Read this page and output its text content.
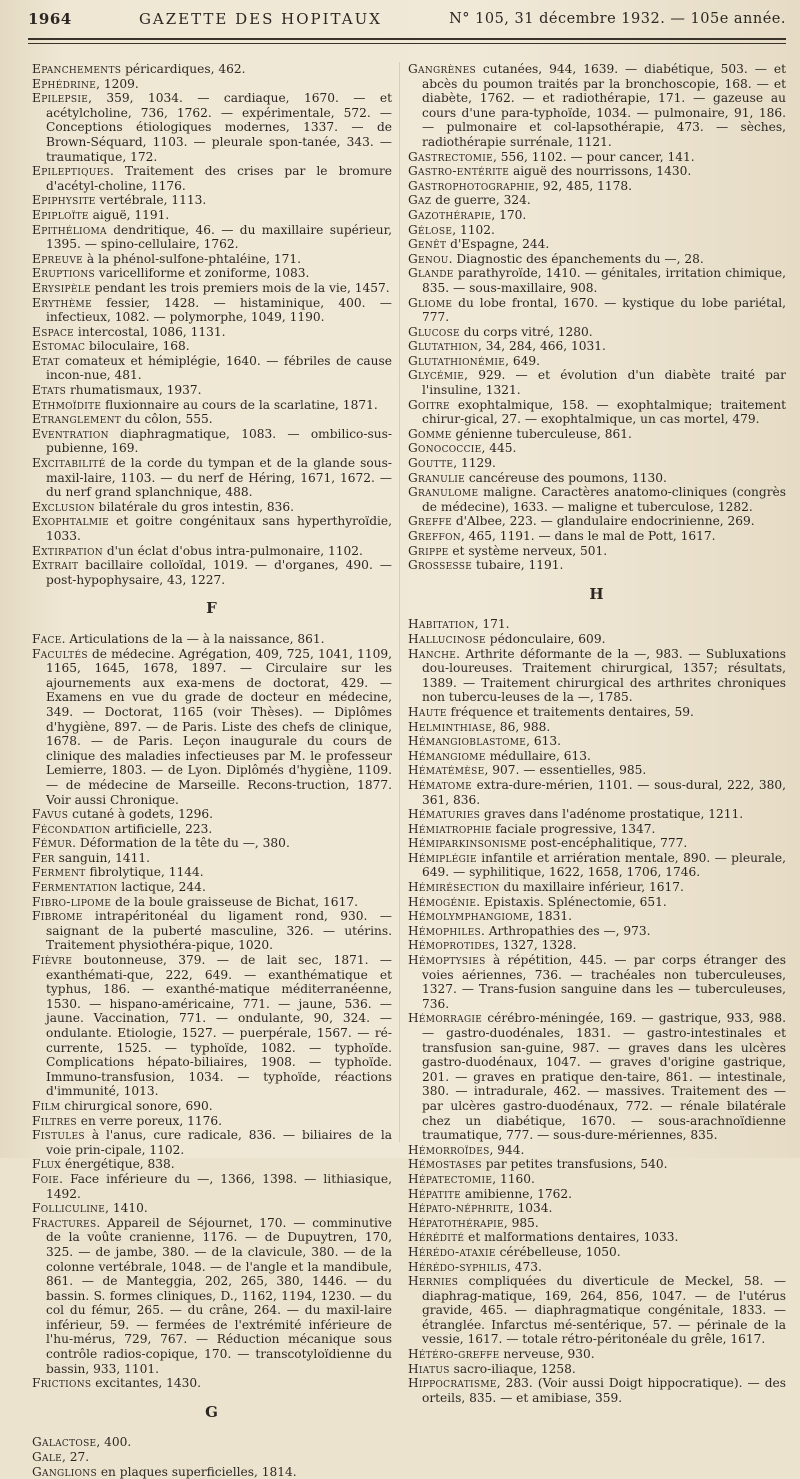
1964	GAZETTE DES HOPITAUX	N° 105, 31 décembre 1932. — 105e année.

Epanchements péricardiques, 462.

Ephédrine, 1209.

Epilepsie, 359, 1034. — cardiaque, 1670. — et acétylcholine, 736, 1762. — expérimentale, 572. — Conceptions étiologiques modernes, 1337. — de Brown-Séquard, 1103. — pleurale spon-tanée, 343. — traumatique, 172.

Epileptiques. Traitement des crises par le bromure d'acétyl-choline, 1176.

Epiphysite vertébrale, 1113.

Epiploïte aiguë, 1191.

Epithélioma dendritique, 46. — du maxillaire supérieur, 1395. — spino-cellulaire, 1762.

Epreuve à la phénol-sulfone-phtaléine, 171.

Eruptions varicelliforme et zoniforme, 1083.

Erysipèle pendant les trois premiers mois de la vie, 1457.

Erythème fessier, 1428. — histaminique, 400. — infectieux, 1082. — polymorphe, 1049, 1190.

Espace intercostal, 1086, 1131.

Estomac biloculaire, 168.

Etat comateux et hémiplégie, 1640. — fébriles de cause incon-nue, 481.

Etats rhumatismaux, 1937.

Ethmoïdite fluxionnaire au cours de la scarlatine, 1871.

Etranglement du côlon, 555.

Eventration diaphragmatique, 1083. — ombilico-sus-pubienne, 169.

Excitabilité de la corde du tympan et de la glande sous-maxil-laire, 1103. — du nerf de Héring, 1671, 1672. — du nerf grand splanchnique, 488.

Exclusion bilatérale du gros intestin, 836.

Exophtalmie et goitre congénitaux sans hyperthyroïdie, 1033.

Extirpation d'un éclat d'obus intra-pulmonaire, 1102.

Extrait bacillaire colloïdal, 1019. — d'organes, 490. — post-hypophysaire, 43, 1227.

F

Face. Articulations de la — à la naissance, 861.

Facultés de médecine. Agrégation, 409, 725, 1041, 1109, 1165, 1645, 1678, 1897. — Circulaire sur les ajournements aux exa-mens de doctorat, 429. — Examens en vue du grade de docteur en médecine, 349. — Doctorat, 1165 (voir Thèses). — Diplômes d'hygiène, 897. — de Paris. Liste des chefs de clinique, 1678. — de Paris. Leçon inaugurale du cours de clinique des maladies infectieuses par M. le professeur Lemierre, 1803. — de Lyon. Diplômés d'hygiène, 1109. — de médecine de Marseille. Recons-truction, 1877. Voir aussi Chronique.

Favus cutané à godets, 1296.

Fécondation artificielle, 223.

Fémur. Déformation de la tête du —, 380.

Fer sanguin, 1411.

Ferment fibrolytique, 1144.

Fermentation lactique, 244.

Fibro-lipome de la boule graisseuse de Bichat, 1617.

Fibrome intrapéritonéal du ligament rond, 930. — saignant de la puberté masculine, 326. — utérins. Traitement physiothéra-pique, 1020.

Fièvre boutonneuse, 379. — de lait sec, 1871. — exanthémati-que, 222, 649. — exanthématique et typhus, 186. — exanthé-matique méditerranéenne, 1530. — hispano-américaine, 771. — jaune, 536. — jaune. Vaccination, 771. — ondulante, 90, 324. — ondulante. Etiologie, 1527. — puerpérale, 1567. — ré-currente, 1525. — typhoïde, 1082. — typhoïde. Complications hépato-biliaires, 1908. — typhoïde. Immuno-transfusion, 1034. — typhoïde, réactions d'immunité, 1013.

Film chirurgical sonore, 690.

Filtres en verre poreux, 1176.

Fistules à l'anus, cure radicale, 836. — biliaires de la voie prin-cipale, 1102.

Flux énergétique, 838.

Foie. Face inférieure du —, 1366, 1398. — lithiasique, 1492.

Folliculine, 1410.

Fractures. Appareil de Séjournet, 170. — comminutive de la voûte cranienne, 1176. — de Dupuytren, 170, 325. — de jambe, 380. — de la clavicule, 380. — de la colonne vertébrale, 1048. — de l'angle et la mandibule, 861. — de Manteggia, 202, 265, 380, 1446. — du bassin. S. formes cliniques, D., 1162, 1194, 1230. — du col du fémur, 265. — du crâne, 264. — du maxil-laire inférieur, 59. — fermées de l'extrémité inférieure de l'hu-mérus, 729, 767. — Réduction mécanique sous contrôle radios-copique, 170. — transcotyloïdienne du bassin, 933, 1101.

Frictions excitantes, 1430.

G

Galactose, 400.

Gale, 27.

Ganglions en plaques superficielles, 1814.

Gangrènes cutanées, 944, 1639. — diabétique, 503. — et abcès du poumon traités par la bronchoscopie, 168. — et diabète, 1762. — et radiothérapie, 171. — gazeuse au cours d'une para-typhoïde, 1034. — pulmonaire, 91, 186. — pulmonaire et col-lapsothérapie, 473. — sèches, radiothérapie surrénale, 1121.

Gastrectomie, 556, 1102. — pour cancer, 141.

Gastro-entérite aiguë des nourrissons, 1430.

Gastrophotographie, 92, 485, 1178.

Gaz de guerre, 324.

Gazothérapie, 170.

Gélose, 1102.

Genêt d'Espagne, 244.

Genou. Diagnostic des épanchements du —, 28.

Glande parathyroïde, 1410. — génitales, irritation chimique, 835. — sous-maxillaire, 908.

Gliome du lobe frontal, 1670. — kystique du lobe pariétal, 777.

Glucose du corps vitré, 1280.

Glutathion, 34, 284, 466, 1031.

Glutathionémie, 649.

Glycémie, 929. — et évolution d'un diabète traité par l'insuline, 1321.

Goitre exophtalmique, 158. — exophtalmique; traitement chirur-gical, 27. — exophtalmique, un cas mortel, 479.

Gomme génienne tuberculeuse, 861.

Gonococcie, 445.

Goutte, 1129.

Granulie cancéreuse des poumons, 1130.

Granulome maligne. Caractères anatomo-cliniques (congrès de médecine), 1633. — maligne et tuberculose, 1282.

Greffe d'Albee, 223. — glandulaire endocrinienne, 269.

Greffon, 465, 1191. — dans le mal de Pott, 1617.

Grippe et système nerveux, 501.

Grossesse tubaire, 1191.

H

Habitation, 171.

Hallucinose pédonculaire, 609.

Hanche. Arthrite déformante de la —, 983. — Subluxations dou-loureuses. Traitement chirurgical, 1357; résultats, 1389. — Traitement chirurgical des arthrites chroniques non tubercu-leuses de la —, 1785.

Haute fréquence et traitements dentaires, 59.

Helminthiase, 86, 988.

Hémangioblastome, 613.

Hémangiome médullaire, 613.

Hématémèse, 907. — essentielles, 985.

Hématome extra-dure-mérien, 1101. — sous-dural, 222, 380, 361, 836.

Hématuries graves dans l'adénome prostatique, 1211.

Hémiatrophie faciale progressive, 1347.

Hémiparkinsonisme post-encéphalitique, 777.

Hémiplégie infantile et arriération mentale, 890. — pleurale, 649. — syphilitique, 1622, 1658, 1706, 1746.

Hémirésection du maxillaire inférieur, 1617.

Hémogénie. Epistaxis. Splénectomie, 651.

Hémolymphangiome, 1831.

Hémophiles. Arthropathies des —, 973.

Hémoprotides, 1327, 1328.

Hémoptysies à répétition, 445. — par corps étranger des voies aériennes, 736. — trachéales non tuberculeuses, 1327. — Trans-fusion sanguine dans les — tuberculeuses, 736.

Hémorragie cérébro-méningée, 169. — gastrique, 933, 988. — gastro-duodénales, 1831. — gastro-intestinales et transfusion san-guine, 987. — graves dans les ulcères gastro-duodénaux, 1047. — graves d'origine gastrique, 201. — graves en pratique den-taire, 861. — intestinale, 380. — intradurale, 462. — massives. Traitement des —par ulcères gastro-duodénaux, 772. — rénale bilatérale chez un diabétique, 1670. — sous-arachnoïdienne traumatique, 777. — sous-dure-mériennes, 835.

Hémorroïdes, 944.

Hémostases par petites transfusions, 540.

Hépatectomie, 1160.

Hépatite amibienne, 1762.

Hépato-néphrite, 1034.

Hépatothérapie, 985.

Hérédité et malformations dentaires, 1033.

Hérédo-ataxie cérébelleuse, 1050.

Hérédo-syphilis, 473.

Hernies compliquées du diverticule de Meckel, 58. — diaphrag-matique, 169, 264, 856, 1047. — de l'utérus gravide, 465. — diaphragmatique congénitale, 1833. — étranglée. Infarctus mé-sentérique, 57. — périnale de la vessie, 1617. — totale rétro-péritonéale du grêle, 1617.

Hétéro-greffe nerveuse, 930.

Hiatus sacro-iliaque, 1258.

Hippocratisme, 283. (Voir aussi Doigt hippocratique). — des orteils, 835. — et amibiase, 359.
